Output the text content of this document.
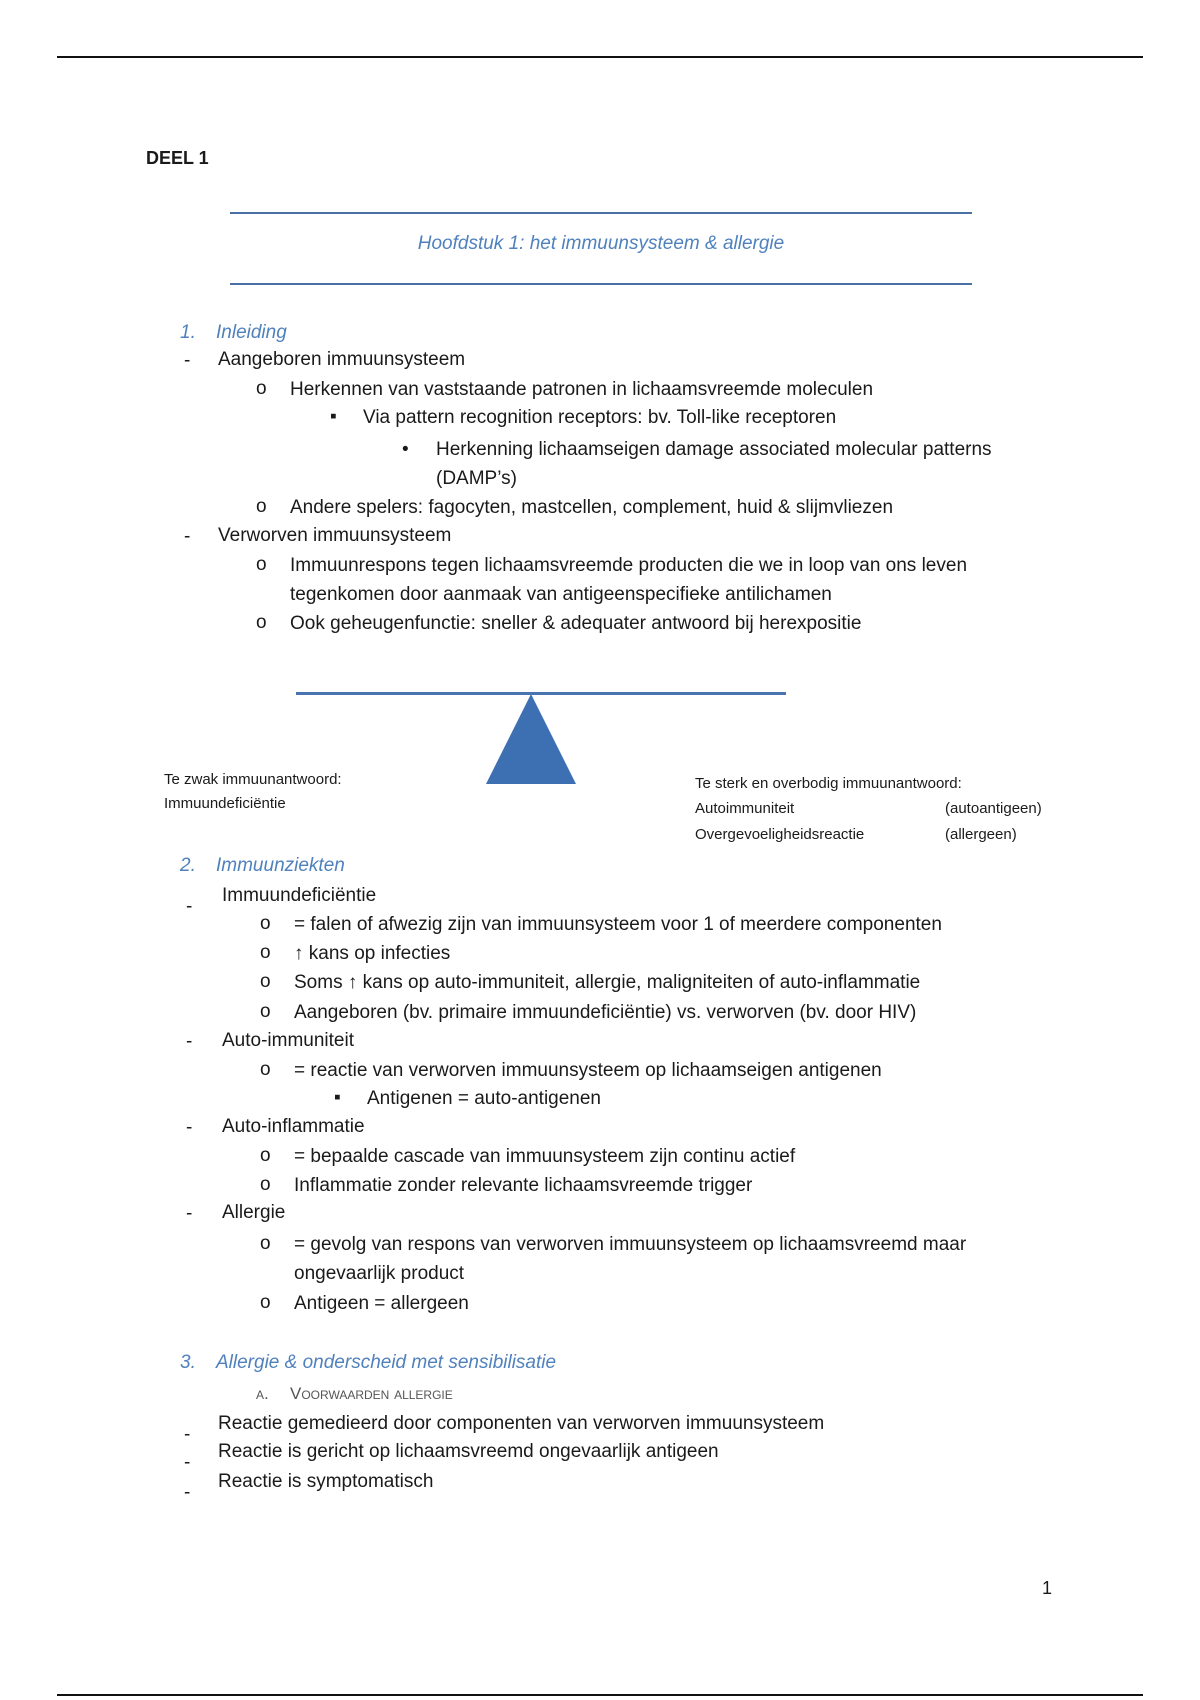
DEEL 1
Hoofdstuk 1: het immuunsysteem & allergie
1. Inleiding
- Aangeboren immuunsysteem
o Herkennen van vaststaande patronen in lichaamsvreemde moleculen
▪ Via pattern recognition receptors: bv. Toll-like receptoren
• Herkenning lichaamseigen damage associated molecular patterns
(DAMP’s)
o Andere spelers: fagocyten, mastcellen, complement, huid & slijmvliezen
- Verworven immuunsysteem
o Immuunrespons tegen lichaamsvreemde producten die we in loop van ons leven
tegenkomen door aanmaak van antigeenspecifieke antilichamen
o Ook geheugenfunctie: sneller & adequater antwoord bij herexpositie
Te zwak immuunantwoord:
Immuundeficiëntie
Te sterk en overbodig immuunantwoord:
Autoimmuniteit	(autoantigeen)
Overgevoeligheidsreactie	(allergeen)
2. Immuunziekten
-
Immuundeficiëntie
o = falen of afwezig zijn van immuunsysteem voor 1 of meerdere componenten
o ↑ kans op infecties
o Soms ↑ kans op auto-immuniteit, allergie, maligniteiten of auto-inflammatie
o Aangeboren (bv. primaire immuundeficiëntie) vs. verworven (bv. door HIV)
- Auto-immuniteit
o = reactie van verworven immuunsysteem op lichaamseigen antigenen
▪ Antigenen = auto-antigenen
- Auto-inflammatie
o = bepaalde cascade van immuunsysteem zijn continu actief
o Inflammatie zonder relevante lichaamsvreemde trigger
- Allergie
o = gevolg van respons van verworven immuunsysteem op lichaamsvreemd maar
ongevaarlijk product
o Antigeen = allergeen
3. Allergie & onderscheid met sensibilisatie
a. Voorwaarden allergie
-
Reactie gemedieerd door componenten van verworven immuunsysteem
-
Reactie is gericht op lichaamsvreemd ongevaarlijk antigeen
-
Reactie is symptomatisch
1
